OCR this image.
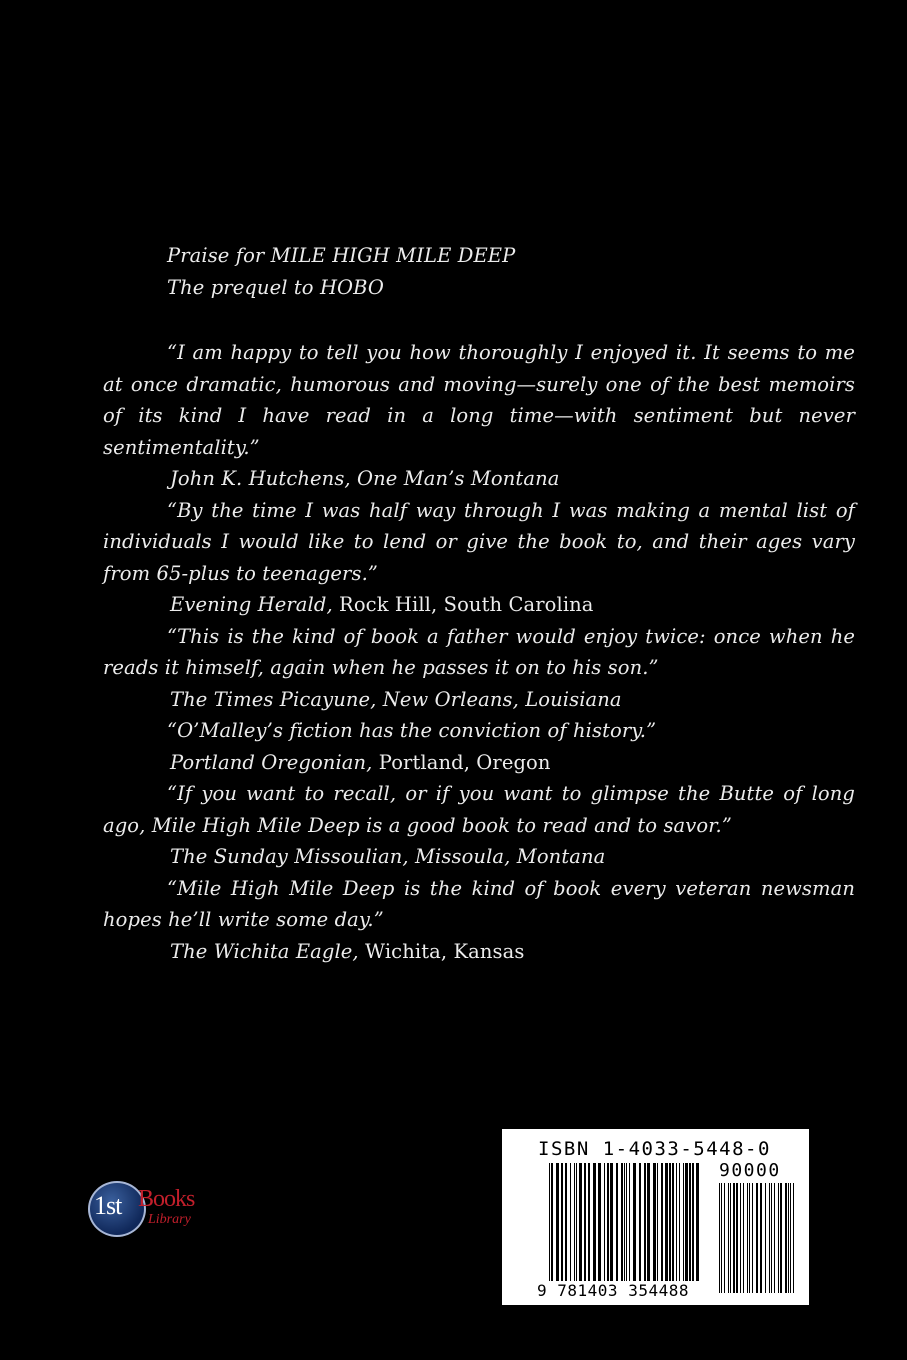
Praise for MILE HIGH MILE DEEP
The prequel to HOBO
“I am happy to tell you how thoroughly I enjoyed it. It seems to me at once dramatic, humorous and moving—surely one of the best memoirs of its kind I have read in a long time—with sentiment but never sentimentality.”
John K. Hutchens, One Man’s Montana
“By the time I was half way through I was making a mental list of individuals I would like to lend or give the book to, and their ages vary from 65-plus to teenagers.”
Evening Herald, Rock Hill, South Carolina
“This is the kind of book a father would enjoy twice: once when he reads it himself, again when he passes it on to his son.”
The Times Picayune, New Orleans, Louisiana
“O’Malley’s fiction has the conviction of history.”
Portland Oregonian, Portland, Oregon
“If you want to recall, or if you want to glimpse the Butte of long ago, Mile High Mile Deep is a good book to read and to savor.”
The Sunday Missoulian, Missoula, Montana
“Mile High Mile Deep is the kind of book every veteran newsman hopes he’ll write some day.”
The Wichita Eagle, Wichita, Kansas
1st Books
Library
ISBN 1-4033-5448-0
90000
9 781403 354488
